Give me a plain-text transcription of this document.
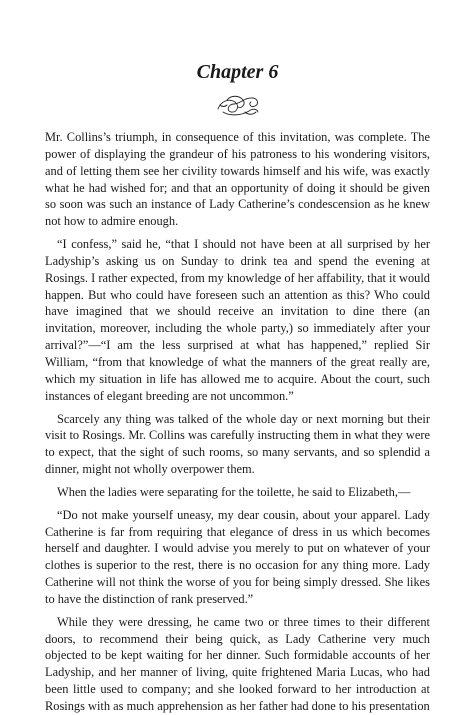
Chapter 6

Mr. Collins’s triumph, in consequence of this invitation, was complete. The power of displaying the grandeur of his patroness to his wondering visitors, and of letting them see her civility towards himself and his wife, was exactly what he had wished for; and that an opportunity of doing it should be given so soon was such an instance of Lady Catherine’s condescension as he knew not how to admire enough.

“I confess,” said he, “that I should not have been at all surprised by her Ladyship’s asking us on Sunday to drink tea and spend the evening at Rosings. I rather expected, from my knowledge of her affability, that it would happen. But who could have foreseen such an attention as this? Who could have imagined that we should receive an invitation to dine there (an invitation, moreover, including the whole party,) so immediately after your arrival?”—“I am the less surprised at what has happened,” replied Sir William, “from that knowledge of what the manners of the great really are, which my situation in life has allowed me to acquire. About the court, such instances of elegant breeding are not uncommon.”

Scarcely any thing was talked of the whole day or next morning but their visit to Rosings. Mr. Collins was carefully instructing them in what they were to expect, that the sight of such rooms, so many servants, and so splendid a dinner, might not wholly overpower them.

When the ladies were separating for the toilette, he said to Elizabeth,—

“Do not make yourself uneasy, my dear cousin, about your apparel. Lady Catherine is far from requiring that elegance of dress in us which becomes herself and daughter. I would advise you merely to put on whatever of your clothes is superior to the rest, there is no occasion for any thing more. Lady Catherine will not think the worse of you for being simply dressed. She likes to have the distinction of rank preserved.”

While they were dressing, he came two or three times to their different doors, to recommend their being quick, as Lady Catherine very much objected to be kept waiting for her dinner. Such formidable accounts of her Ladyship, and her manner of living, quite frightened Maria Lucas, who had been little used to company; and she looked forward to her introduction at Rosings with as much apprehension as her father had done to his presentation
